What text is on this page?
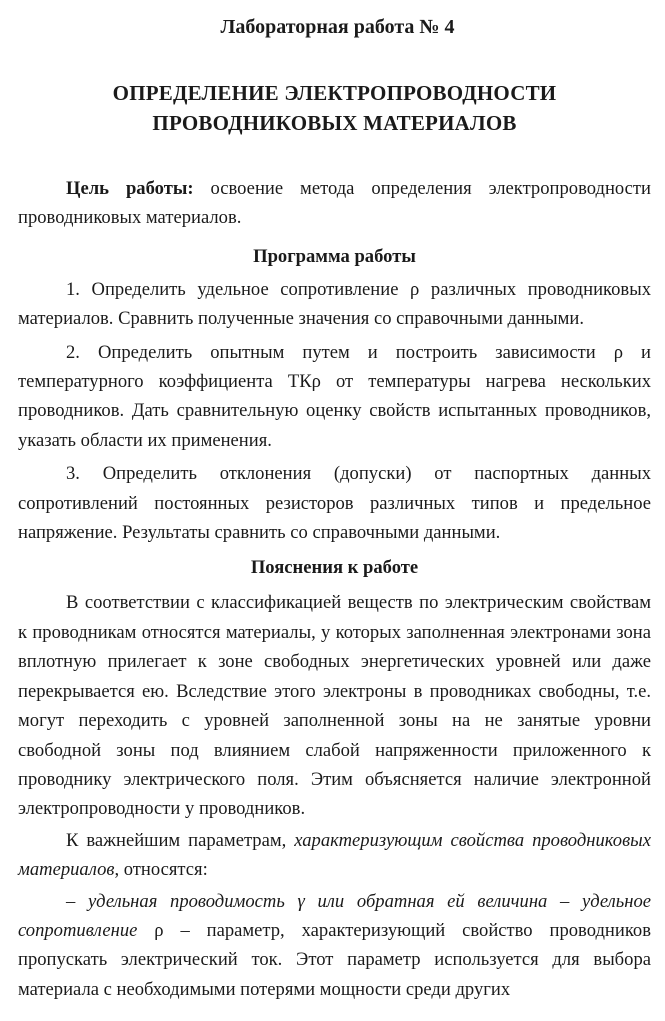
Лабораторная работа № 4
ОПРЕДЕЛЕНИЕ ЭЛЕКТРОПРОВОДНОСТИ
ПРОВОДНИКОВЫХ МАТЕРИАЛОВ

Цель работы: освоение метода определения электропроводности проводниковых материалов.

Программа работы

1. Определить удельное сопротивление ρ различных проводниковых материалов. Сравнить полученные значения со справочными данными.

2. Определить опытным путем и построить зависимости ρ и температурного коэффициента ТКρ от температуры нагрева нескольких проводников. Дать сравнительную оценку свойств испытанных проводников, указать области их применения.

3. Определить отклонения (допуски) от паспортных данных сопротивлений постоянных резисторов различных типов и предельное напряжение. Результаты сравнить со справочными данными.

Пояснения к работе

В соответствии с классификацией веществ по электрическим свойствам к проводникам относятся материалы, у которых заполненная электронами зона вплотную прилегает к зоне свободных энергетических уровней или даже перекрывается ею. Вследствие этого электроны в проводниках свободны, т.е. могут переходить с уровней заполненной зоны на не занятые уровни свободной зоны под влиянием слабой напряженности приложенного к проводнику электрического поля. Этим объясняется наличие электронной электропроводности у проводников.

К важнейшим параметрам, характеризующим свойства проводниковых материалов, относятся:

– удельная проводимость γ или обратная ей величина – удельное сопротивление ρ – параметр, характеризующий свойство проводников пропускать электрический ток. Этот параметр используется для выбора материала с необходимыми потерями мощности среди других
